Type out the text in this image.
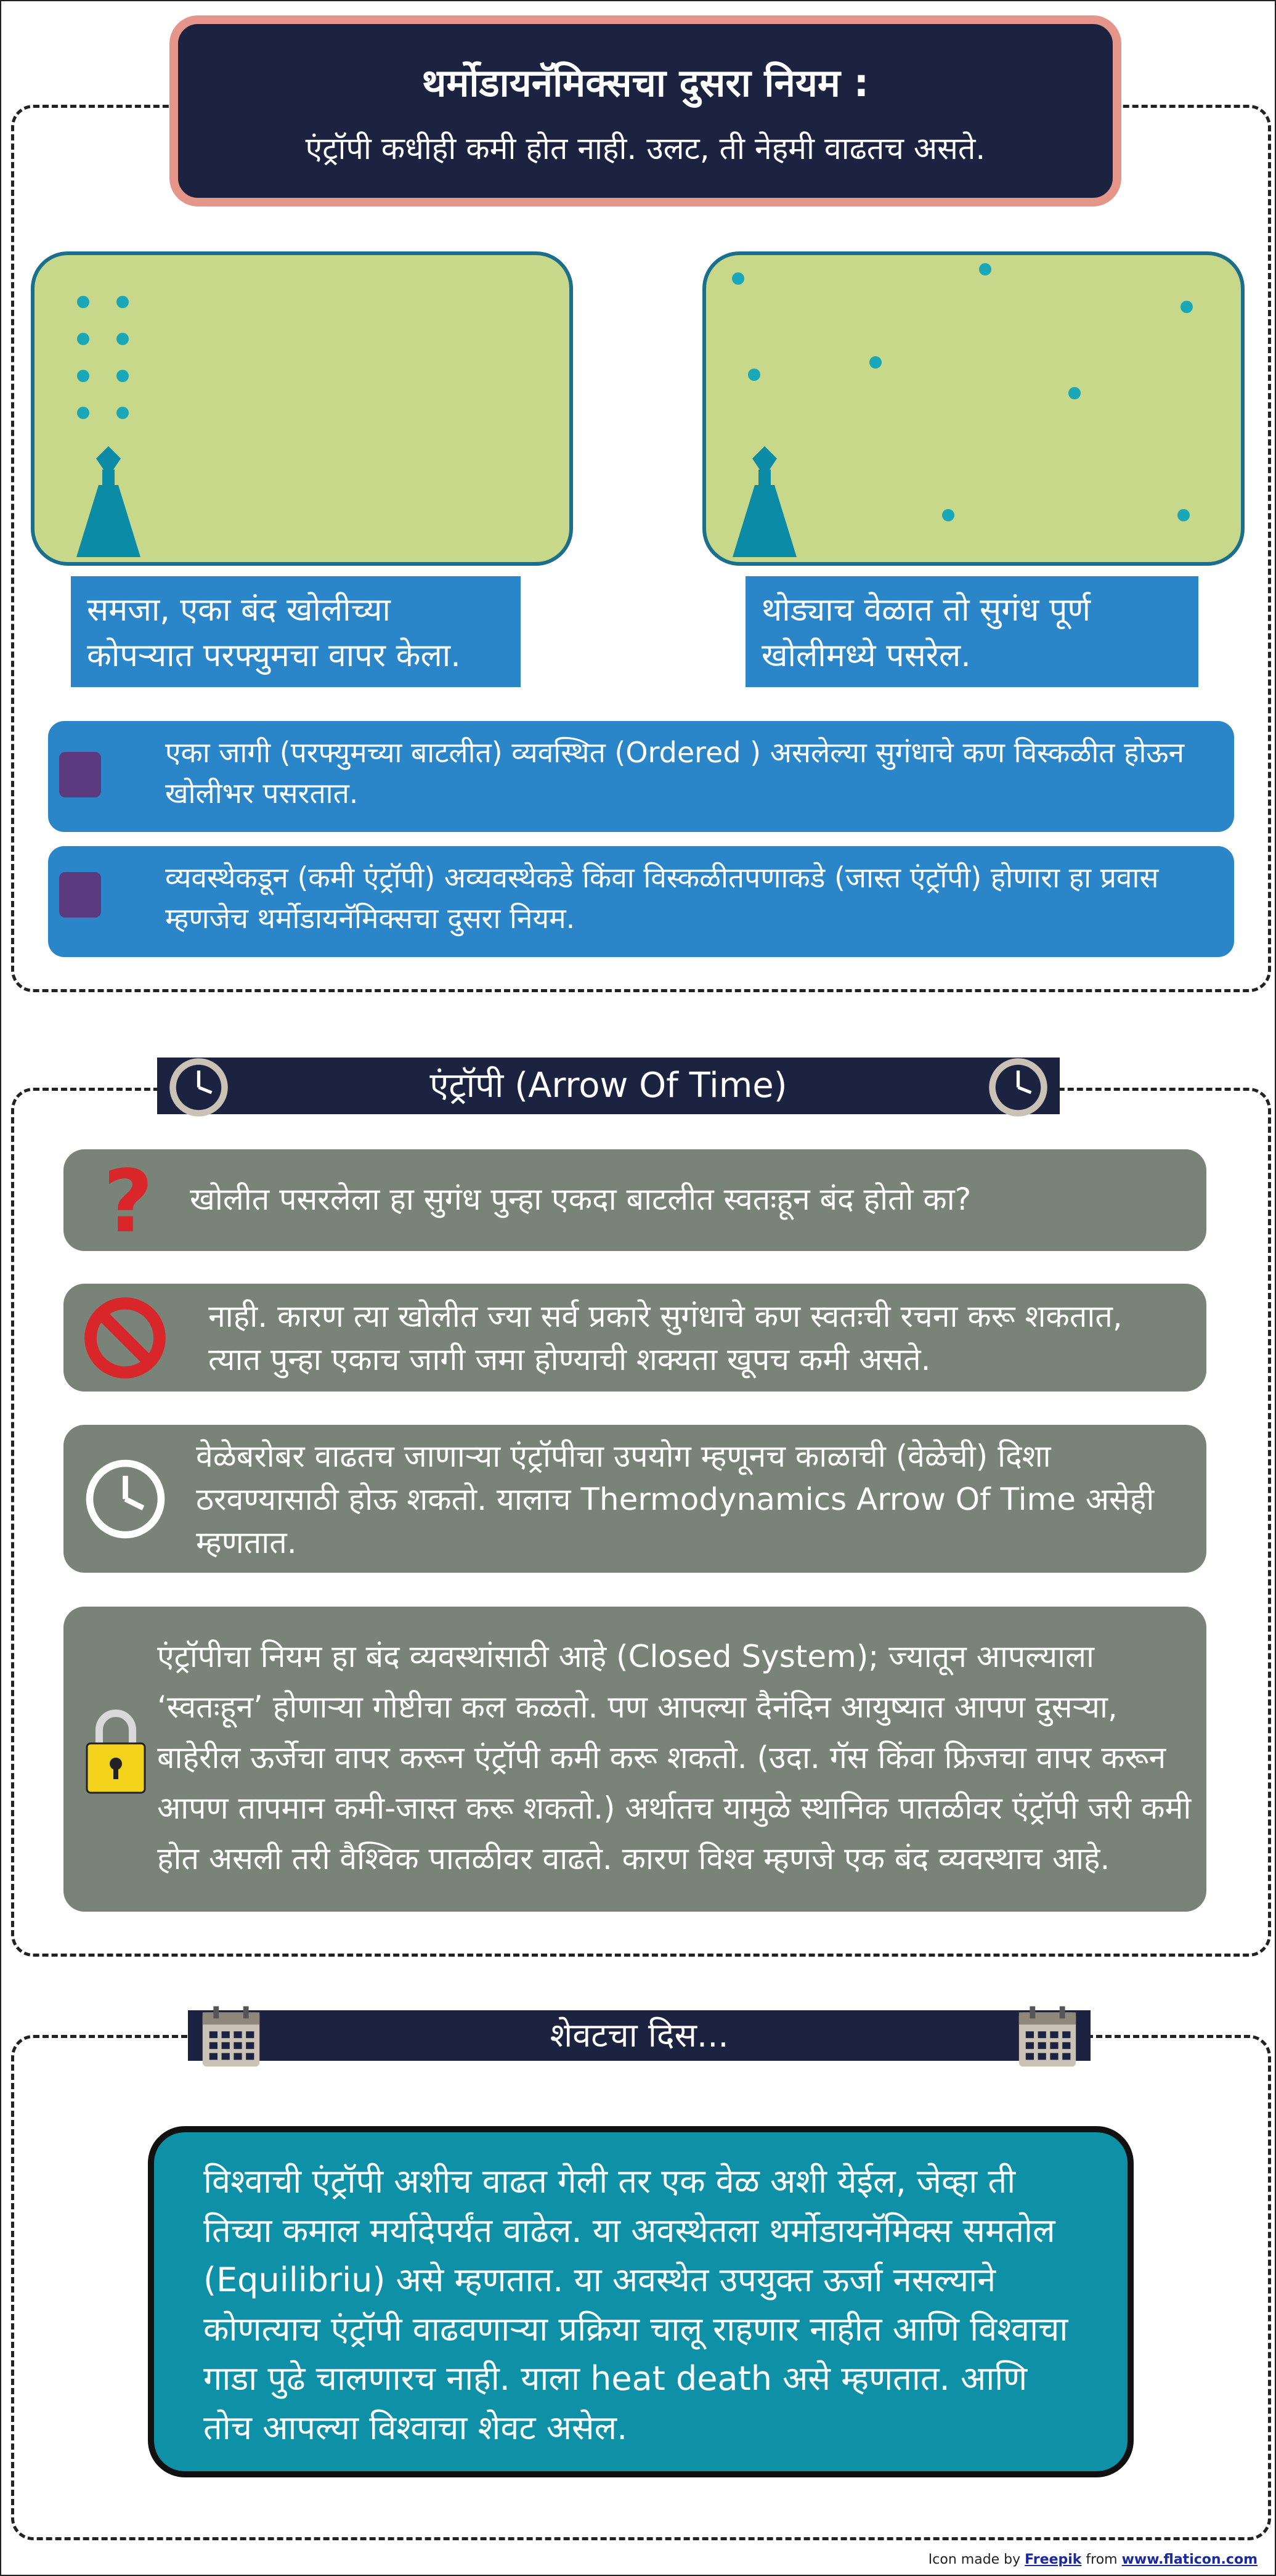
थर्मोडायनॅमिक्सचा दुसरा नियम :
एंट्रॉपी कधीही कमी होत नाही. उलट, ती नेहमी वाढतच असते.
समजा, एका बंद खोलीच्या कोपऱ्यात परफ्युमचा वापर केला.
थोड्याच वेळात तो सुगंध पूर्ण खोलीमध्ये पसरेल.
एका जागी (परफ्युमच्या बाटलीत) व्यवस्थित (Ordered ) असलेल्या सुगंधाचे कण विस्कळीत होऊन खोलीभर पसरतात.
व्यवस्थेकडून (कमी एंट्रॉपी) अव्यवस्थेकडे किंवा विस्कळीतपणाकडे (जास्त एंट्रॉपी) होणारा हा प्रवास म्हणजेच थर्मोडायनॅमिक्सचा दुसरा नियम.
एंट्रॉपी (Arrow Of Time)
? खोलीत पसरलेला हा सुगंध पुन्हा एकदा बाटलीत स्वतःहून बंद होतो का?
नाही. कारण त्या खोलीत ज्या सर्व प्रकारे सुगंधाचे कण स्वतःची रचना करू शकतात, त्यात पुन्हा एकाच जागी जमा होण्याची शक्यता खूपच कमी असते.
वेळेबरोबर वाढतच जाणाऱ्या एंट्रॉपीचा उपयोग म्हणूनच काळाची (वेळेची) दिशा ठरवण्यासाठी होऊ शकतो. यालाच Thermodynamics Arrow Of Time असेही म्हणतात.
एंट्रॉपीचा नियम हा बंद व्यवस्थांसाठी आहे (Closed System); ज्यातून आपल्याला ‘स्वतःहून’ होणाऱ्या गोष्टीचा कल कळतो. पण आपल्या दैनंदिन आयुष्यात आपण दुसऱ्या, बाहेरील ऊर्जेचा वापर करून एंट्रॉपी कमी करू शकतो. (उदा. गॅस किंवा फ्रिजचा वापर करून आपण तापमान कमी-जास्त करू शकतो.) अर्थातच यामुळे स्थानिक पातळीवर एंट्रॉपी जरी कमी होत असली तरी वैश्विक पातळीवर वाढते. कारण विश्व म्हणजे एक बंद व्यवस्थाच आहे.
शेवटचा दिस...
विश्वाची एंट्रॉपी अशीच वाढत गेली तर एक वेळ अशी येईल, जेव्हा ती तिच्या कमाल मर्यादेपर्यंत वाढेल. या अवस्थेतला थर्मोडायनॅमिक्स समतोल (Equilibriu) असे म्हणतात. या अवस्थेत उपयुक्त ऊर्जा नसल्याने कोणत्याच एंट्रॉपी वाढवणाऱ्या प्रक्रिया चालू राहणार नाहीत आणि विश्वाचा गाडा पुढे चालणारच नाही. याला heat death असे म्हणतात. आणि तोच आपल्या विश्वाचा शेवट असेल.
Icon made by Freepik from www.flaticon.com
